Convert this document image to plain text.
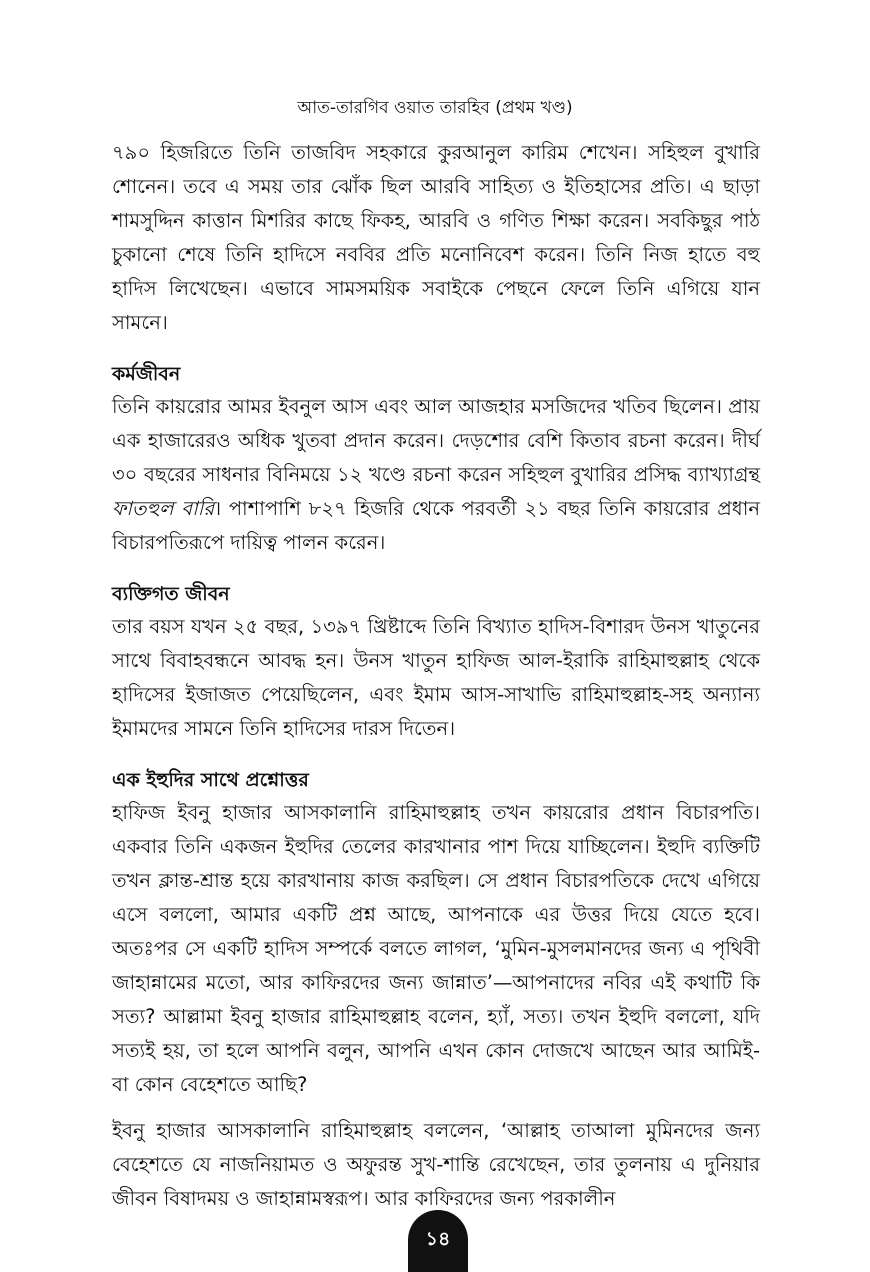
আত-তারগিব ওয়াত তারহিব (প্রথম খণ্ড)

৭৯০ হিজরিতে তিনি তাজবিদ সহকারে কুরআনুল কারিম শেখেন। সহিহুল বুখারি শোনেন। তবে এ সময় তার ঝোঁক ছিল আরবি সাহিত্য ও ইতিহাসের প্রতি। এ ছাড়া শামসুদ্দিন কাত্তান মিশরির কাছে ফিকহ, আরবি ও গণিত শিক্ষা করেন। সবকিছুর পাঠ চুকানো শেষে তিনি হাদিসে নববির প্রতি মনোনিবেশ করেন। তিনি নিজ হাতে বহু হাদিস লিখেছেন। এভাবে সামসময়িক সবাইকে পেছনে ফেলে তিনি এগিয়ে যান সামনে।

কর্মজীবন

তিনি কায়রোর আমর ইবনুল আস এবং আল আজহার মসজিদের খতিব ছিলেন। প্রায় এক হাজারেরও অধিক খুতবা প্রদান করেন। দেড়শোর বেশি কিতাব রচনা করেন। দীর্ঘ ৩০ বছরের সাধনার বিনিময়ে ১২ খণ্ডে রচনা করেন সহিহুল বুখারির প্রসিদ্ধ ব্যাখ্যাগ্রন্থ ফাতহুল বারি। পাশাপাশি ৮২৭ হিজরি থেকে পরবর্তী ২১ বছর তিনি কায়রোর প্রধান বিচারপতিরূপে দায়িত্ব পালন করেন।

ব্যক্তিগত জীবন

তার বয়স যখন ২৫ বছর, ১৩৯৭ খ্রিষ্টাব্দে তিনি বিখ্যাত হাদিস-বিশারদ উনস খাতুনের সাথে বিবাহবন্ধনে আবদ্ধ হন। উনস খাতুন হাফিজ আল-ইরাকি রাহিমাহুল্লাহ থেকে হাদিসের ইজাজত পেয়েছিলেন, এবং ইমাম আস-সাখাভি রাহিমাহুল্লাহ-সহ অন্যান্য ইমামদের সামনে তিনি হাদিসের দারস দিতেন।

এক ইহুদির সাথে প্রশ্নোত্তর

হাফিজ ইবনু হাজার আসকালানি রাহিমাহুল্লাহ তখন কায়রোর প্রধান বিচারপতি। একবার তিনি একজন ইহুদির তেলের কারখানার পাশ দিয়ে যাচ্ছিলেন। ইহুদি ব্যক্তিটি তখন ক্লান্ত-শ্রান্ত হয়ে কারখানায় কাজ করছিল। সে প্রধান বিচারপতিকে দেখে এগিয়ে এসে বললো, আমার একটি প্রশ্ন আছে, আপনাকে এর উত্তর দিয়ে যেতে হবে। অতঃপর সে একটি হাদিস সম্পর্কে বলতে লাগল, ‘মুমিন-মুসলমানদের জন্য এ পৃথিবী জাহান্নামের মতো, আর কাফিরদের জন্য জান্নাত’—আপনাদের নবির এই কথাটি কি সত্য? আল্লামা ইবনু হাজার রাহিমাহুল্লাহ বলেন, হ্যাঁ, সত্য। তখন ইহুদি বললো, যদি সত্যই হয়, তা হলে আপনি বলুন, আপনি এখন কোন দোজখে আছেন আর আমিই-বা কোন বেহেশতে আছি?

ইবনু হাজার আসকালানি রাহিমাহুল্লাহ বললেন, ‘আল্লাহ তাআলা মুমিনদের জন্য বেহেশতে যে নাজনিয়ামত ও অফুরন্ত সুখ-শান্তি রেখেছেন, তার তুলনায় এ দুনিয়ার জীবন বিষাদময় ও জাহান্নামস্বরূপ। আর কাফিরদের জন্য পরকালীন

১৪
